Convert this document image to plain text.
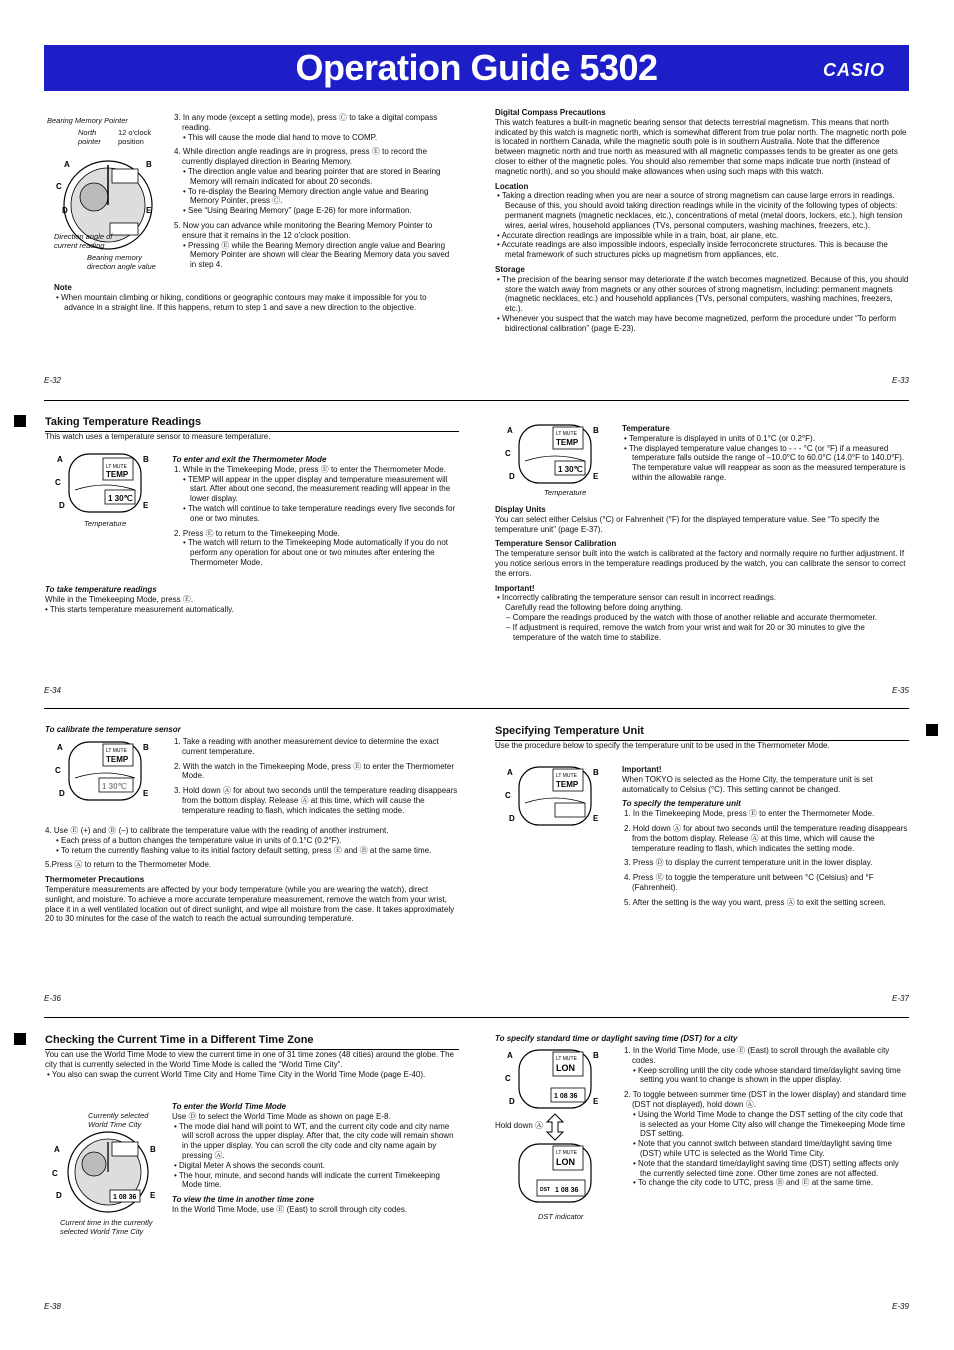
Operation Guide 5302	CASIO
A	B
C
D	E
Bearing Memory Pointer
North pointer
12 o'clock position
Direction angle of current reading
Bearing memory direction angle value

3. In any mode (except a setting mode), press Ⓒ to take a digital compass reading.

• This will cause the mode dial hand to move to COMP.

4. While direction angle readings are in progress, press Ⓔ to record the currently displayed direction in Bearing Memory.

• The direction angle value and bearing pointer that are stored in Bearing Memory will remain indicated for about 20 seconds.

• To re-display the Bearing Memory direction angle value and Bearing Memory Pointer, press Ⓒ.

• See “Using Bearing Memory” (page E-26) for more information.

5. Now you can advance while monitoring the Bearing Memory Pointer to ensure that it remains in the 12 o’clock position.

• Pressing Ⓔ while the Bearing Memory direction angle value and Bearing Memory Pointer are shown will clear the Bearing Memory data you saved in step 4.

Note

• When mountain climbing or hiking, conditions or geographic contours may make it impossible for you to advance in a straight line. If this happens, return to step 1 and save a new direction to the objective.

E-32

Digital Compass Precautions

This watch features a built-in magnetic bearing sensor that detects terrestrial magnetism. This means that north indicated by this watch is magnetic north, which is somewhat different from true polar north. The magnetic north pole is located in northern Canada, while the magnetic south pole is in southern Australia. Note that the difference between magnetic north and true north as measured with all magnetic compasses tends to be greater as one gets closer to either of the magnetic poles. You should also remember that some maps indicate true north (instead of magnetic north), and so you should make allowances when using such maps with this watch.

Location

• Taking a direction reading when you are near a source of strong magnetism can cause large errors in readings. Because of this, you should avoid taking direction readings while in the vicinity of the following types of objects: permanent magnets (magnetic necklaces, etc.), concentrations of metal (metal doors, lockers, etc.), high tension wires, aerial wires, household appliances (TVs, personal computers, washing machines, freezers, etc.).

• Accurate direction readings are impossible while in a train, boat, air plane, etc.

• Accurate readings are also impossible indoors, especially inside ferroconcrete structures. This is because the metal framework of such structures picks up magnetism from appliances, etc.

Storage

• The precision of the bearing sensor may deteriorate if the watch becomes magnetized. Because of this, you should store the watch away from magnets or any other sources of strong magnetism, including: permanent magnets (magnetic necklaces, etc.) and household appliances (TVs, personal computers, washing machines, freezers, etc.).

• Whenever you suspect that the watch may have become magnetized, perform the procedure under “To perform bidirectional calibration” (page E-23).

E-33

Taking Temperature Readings

This watch uses a temperature sensor to measure temperature.

LT MUTE
TEMP
1 30℃
A	B
C
D	E
Temperature

To enter and exit the Thermometer Mode

1. While in the Timekeeping Mode, press Ⓔ to enter the Thermometer Mode.

• TEMP will appear in the upper display and temperature measurement will start. After about one second, the measurement reading will appear in the lower display.

• The watch will continue to take temperature readings every five seconds for one or two minutes.

2. Press Ⓔ to return to the Timekeeping Mode.

• The watch will return to the Timekeeping Mode automatically if you do not perform any operation for about one or two minutes after entering the Thermometer Mode.

To take temperature readings

While in the Timekeeping Mode, press Ⓔ.

• This starts temperature measurement automatically.

E-34
LT MUTE
TEMP
1 30℃
A	B
C
D	E
Temperature

Temperature

• Temperature is displayed in units of 0.1°C (or 0.2°F).

• The displayed temperature value changes to - - - °C (or °F) if a measured temperature falls outside the range of –10.0°C to 60.0°C (14.0°F to 140.0°F). The temperature value will reappear as soon as the measured temperature is within the allowable range.

Display Units

You can select either Celsius (°C) or Fahrenheit (°F) for the displayed temperature value. See “To specify the temperature unit” (page E-37).

Temperature Sensor Calibration

The temperature sensor built into the watch is calibrated at the factory and normally require no further adjustment. If you notice serious errors in the temperature readings produced by the watch, you can calibrate the sensor to correct the errors.

Important!

• Incorrectly calibrating the temperature sensor can result in incorrect readings.

Carefully read the following before doing anything.

– Compare the readings produced by the watch with those of another reliable and accurate thermometer.

– If adjustment is required, remove the watch from your wrist and wait for 20 or 30 minutes to give the temperature of the watch time to stabilize.

E-35

To calibrate the temperature sensor

LT MUTE
TEMP
1 30℃
A	B
C
D	E

1. Take a reading with another measurement device to determine the exact current temperature.

2. With the watch in the Timekeeping Mode, press Ⓔ to enter the Thermometer Mode.

3. Hold down Ⓐ for about two seconds until the temperature reading disappears from the bottom display. Release Ⓐ at this time, which will cause the temperature reading to flash, which indicates the setting mode.

4. Use Ⓔ (+) and Ⓑ (–) to calibrate the temperature value with the reading of another instrument.

• Each press of a button changes the temperature value in units of 0.1°C (0.2°F).

• To return the currently flashing value to its initial factory default setting, press Ⓔ and Ⓑ at the same time.

5.Press Ⓐ to return to the Thermometer Mode.

Thermometer Precautions

Temperature measurements are affected by your body temperature (while you are wearing the watch), direct sunlight, and moisture. To achieve a more accurate temperature measurement, remove the watch from your wrist, place it in a well ventilated location out of direct sunlight, and wipe all moisture from the case. It takes approximately 20 to 30 minutes for the case of the watch to reach the actual surrounding temperature.

E-36

Specifying Temperature Unit

Use the procedure below to specify the temperature unit to be used in the Thermometer Mode.

LT MUTE
TEMP
A	B
C
D	E

Important!

When TOKYO is selected as the Home City, the temperature unit is set automatically to Celsius (°C). This setting cannot be changed.

To specify the temperature unit

1. In the Timekeeping Mode, press Ⓔ to enter the Thermometer Mode.

2. Hold down Ⓐ for about two seconds until the temperature reading disappears from the bottom display. Release Ⓐ at this time, which will cause the temperature reading to flash, which indicates the setting mode.

3. Press Ⓓ to display the current temperature unit in the lower display.

4. Press Ⓔ to toggle the temperature unit between °C (Celsius) and °F (Fahrenheit).

5. After the setting is the way you want, press Ⓐ to exit the setting screen.

E-37

Checking the Current Time in a Different Time Zone

You can use the World Time Mode to view the current time in one of 31 time zones (48 cities) around the globe. The city that is currently selected in the World Time Mode is called the “World Time City”.

• You also can swap the current World Time City and Home Time City in the World Time Mode (page E-40).

Currently selected World Time City
1 08 36
A	B
C
D	E
Current time in the currently selected World Time City

To enter the World Time Mode

Use Ⓓ to select the World Time Mode as shown on page E-8.

• The mode dial hand will point to WT, and the current city code and city name will scroll across the upper display. After that, the city code will remain shown in the upper display. You can scroll the city code and city name again by pressing Ⓐ.

• Digital Meter A shows the seconds count.

• The hour, minute, and second hands will indicate the current Timekeeping Mode time.

To view the time in another time zone

In the World Time Mode, use Ⓔ (East) to scroll through city codes.

E-38

To specify standard time or daylight saving time (DST) for a city

LT MUTE
LON
1 08 36
A	B
C
D	E
Hold down Ⓐ
LT MUTE
LON
DST 1 08 36
DST indicator

1. In the World Time Mode, use Ⓔ (East) to scroll through the available city codes.

• Keep scrolling until the city code whose standard time/daylight saving time setting you want to change is shown in the upper display.

2. To toggle between summer time (DST in the lower display) and standard time (DST not displayed), hold down Ⓐ.

• Using the World Time Mode to change the DST setting of the city code that is selected as your Home City also will change the Timekeeping Mode time DST setting.

• Note that you cannot switch between standard time/daylight saving time (DST) while UTC is selected as the World Time City.

• Note that the standard time/daylight saving time (DST) setting affects only the currently selected time zone. Other time zones are not affected.

• To change the city code to UTC, press Ⓑ and Ⓔ at the same time.

E-39
